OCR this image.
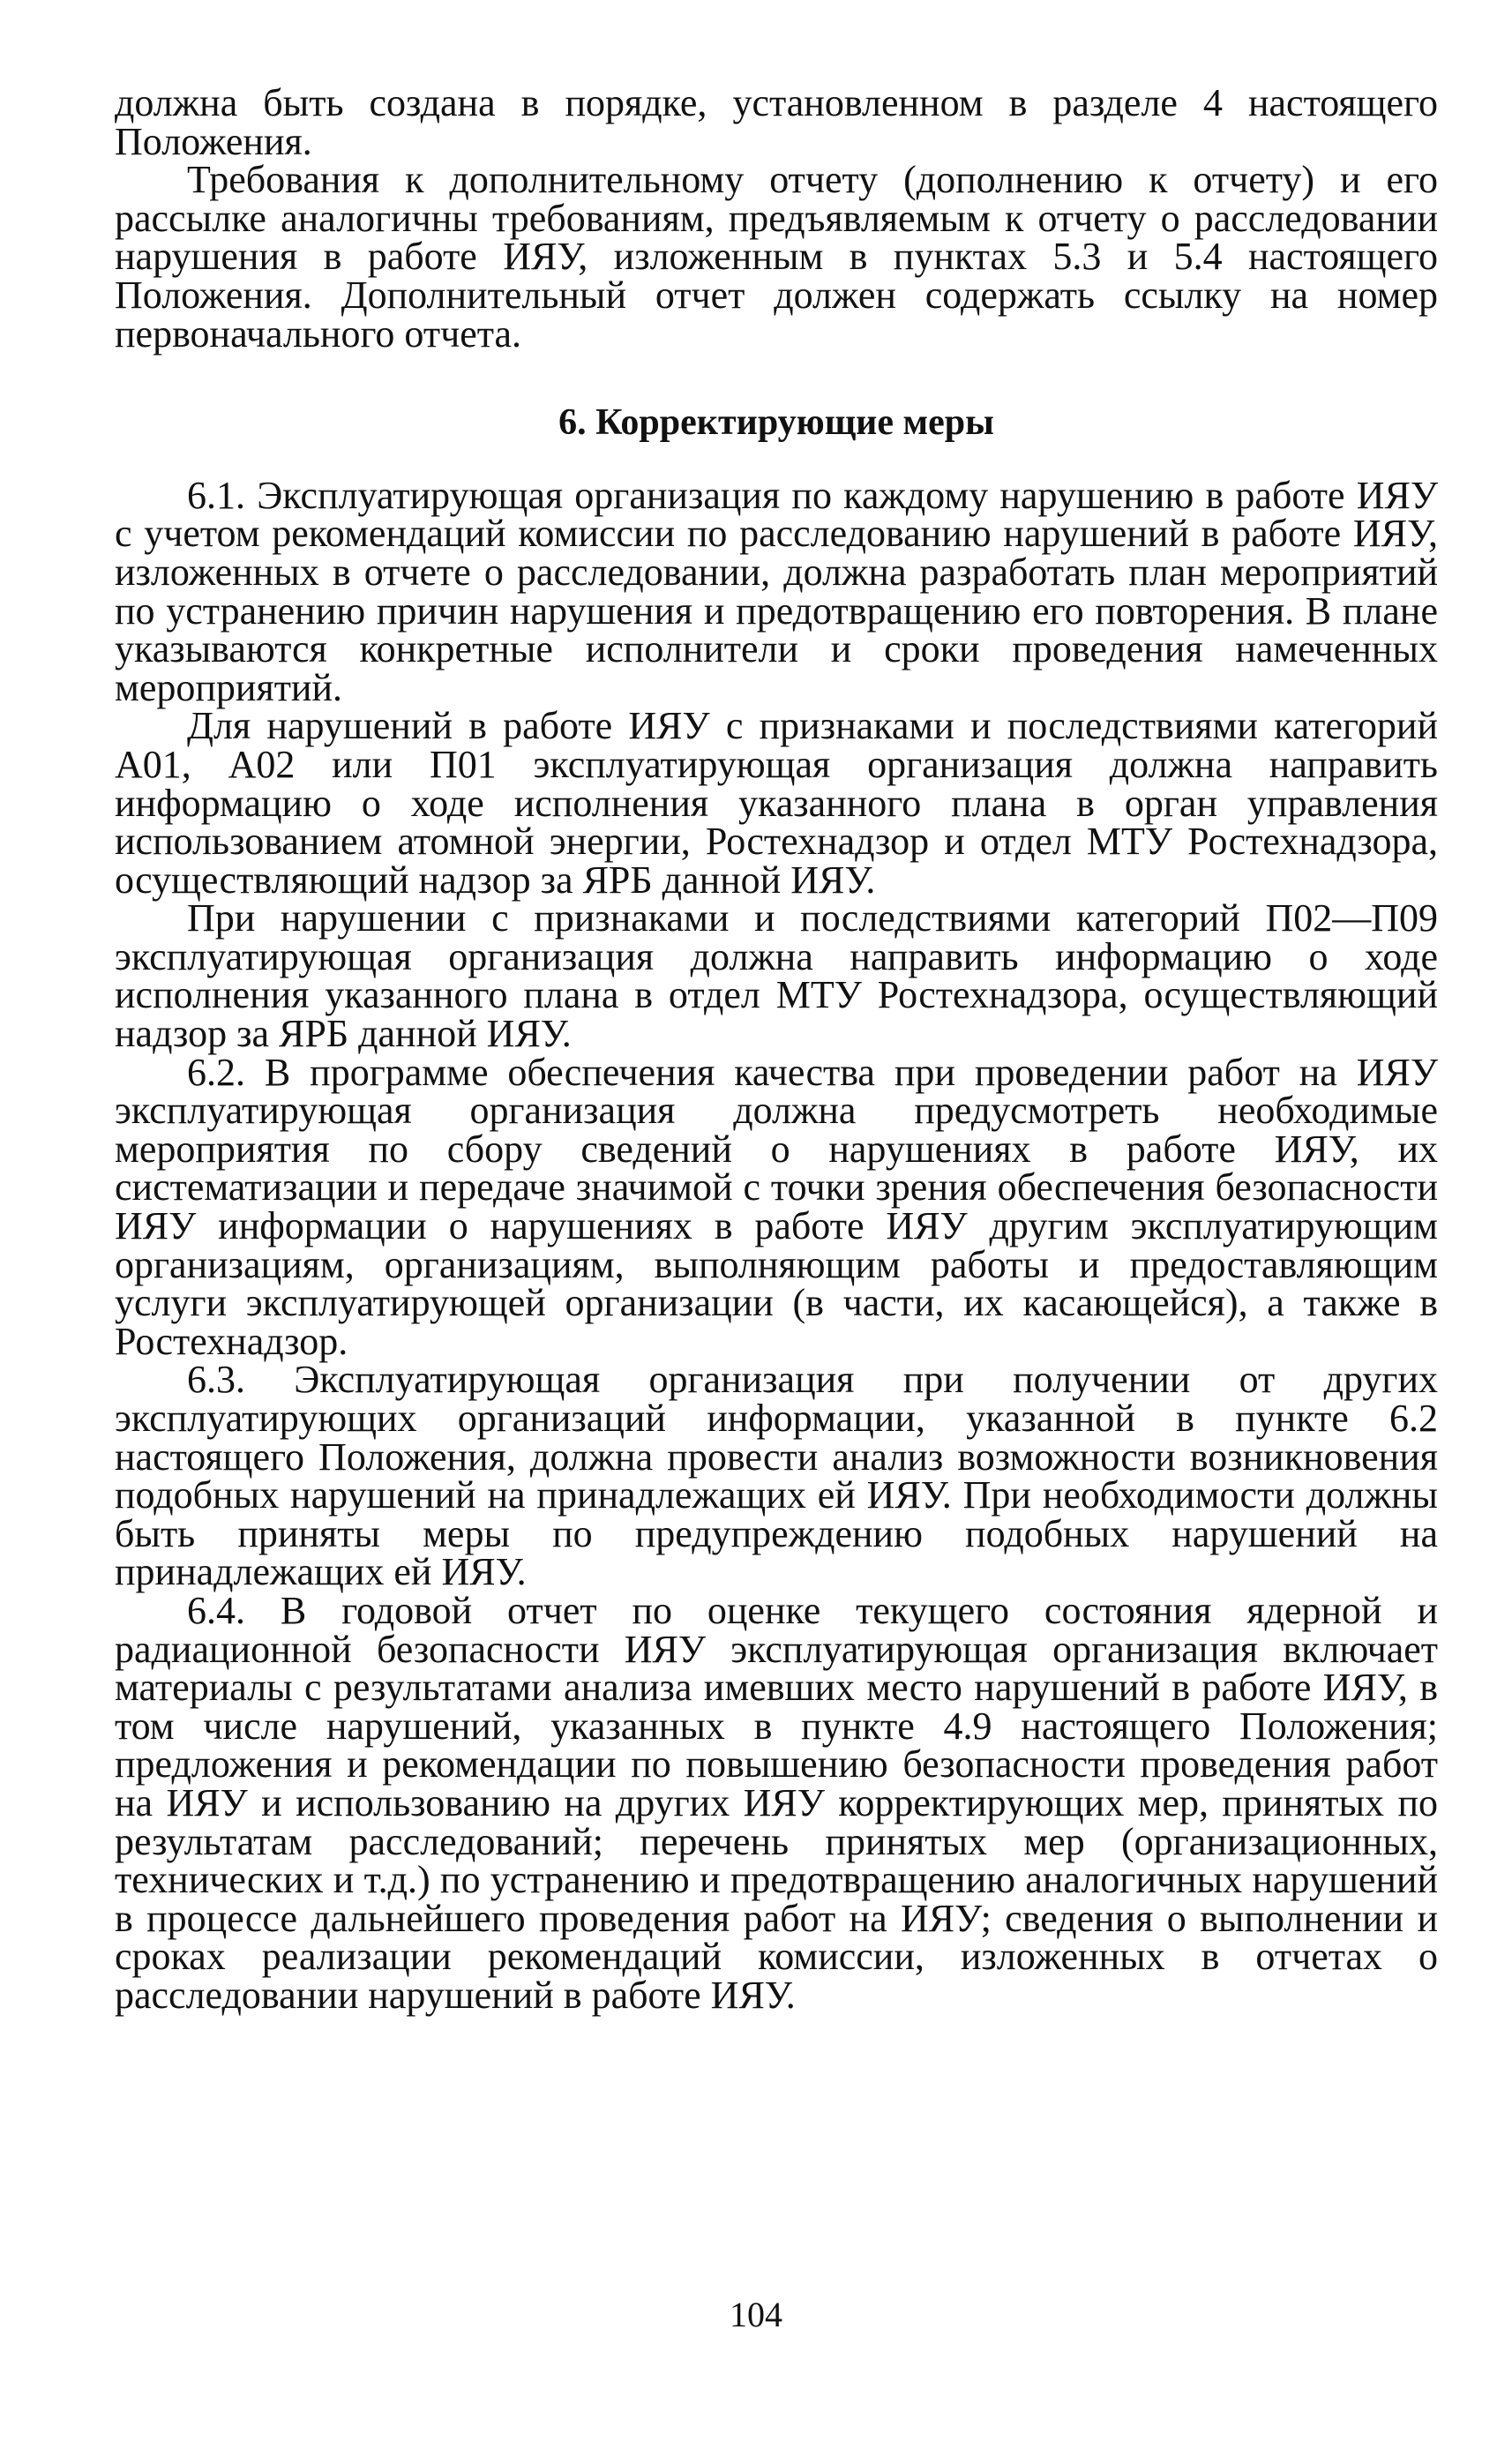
должна быть создана в порядке, установленном в разделе 4 настоящего Положения.

Требования к дополнительному отчету (дополнению к отчету) и его рассылке аналогичны требованиям, предъявляемым к отчету о расследовании нарушения в работе ИЯУ, изложенным в пунктах 5.3 и 5.4 настоящего Положения. Дополнительный отчет должен содержать ссылку на номер первоначального отчета.

6. Корректирующие меры

6.1. Эксплуатирующая организация по каждому нарушению в работе ИЯУ с учетом рекомендаций комиссии по расследованию нарушений в работе ИЯУ, изложенных в отчете о расследовании, должна разработать план мероприятий по устранению причин нарушения и предотвращению его повторения. В плане указываются конкретные исполнители и сроки проведения намеченных мероприятий.

Для нарушений в работе ИЯУ с признаками и последствиями категорий А01, А02 или П01 эксплуатирующая организация должна направить информацию о ходе исполнения указанного плана в орган управления использованием атомной энергии, Ростехнадзор и отдел МТУ Ростехнадзора, осуществляющий надзор за ЯРБ данной ИЯУ.

При нарушении с признаками и последствиями категорий П02—П09 эксплуатирующая организация должна направить информацию о ходе исполнения указанного плана в отдел МТУ Ростехнадзора, осуществляющий надзор за ЯРБ данной ИЯУ.

6.2. В программе обеспечения качества при проведении работ на ИЯУ эксплуатирующая организация должна предусмотреть необходимые мероприятия по сбору сведений о нарушениях в работе ИЯУ, их систематизации и передаче значимой с точки зрения обеспечения безопасности ИЯУ информации о нарушениях в работе ИЯУ другим эксплуатирующим организациям, организациям, выполняющим работы и предоставляющим услуги эксплуатирующей организации (в части, их касающейся), а также в Ростехнадзор.

6.3. Эксплуатирующая организация при получении от других эксплуатирующих организаций информации, указанной в пункте 6.2 настоящего Положения, должна провести анализ возможности возникновения подобных нарушений на принадлежащих ей ИЯУ. При необходимости должны быть приняты меры по предупреждению подобных нарушений на принадлежащих ей ИЯУ.

6.4. В годовой отчет по оценке текущего состояния ядерной и радиационной безопасности ИЯУ эксплуатирующая организация включает материалы с результатами анализа имевших место нарушений в работе ИЯУ, в том числе нарушений, указанных в пункте 4.9 настоящего Положения; предложения и рекомендации по повышению безопасности проведения работ на ИЯУ и использованию на других ИЯУ корректирующих мер, принятых по результатам расследований; перечень принятых мер (организационных, технических и т.д.) по устранению и предотвращению аналогичных нарушений в процессе дальнейшего проведения работ на ИЯУ; сведения о выполнении и сроках реализации рекомендаций комиссии, изложенных в отчетах о расследовании нарушений в работе ИЯУ.

104
